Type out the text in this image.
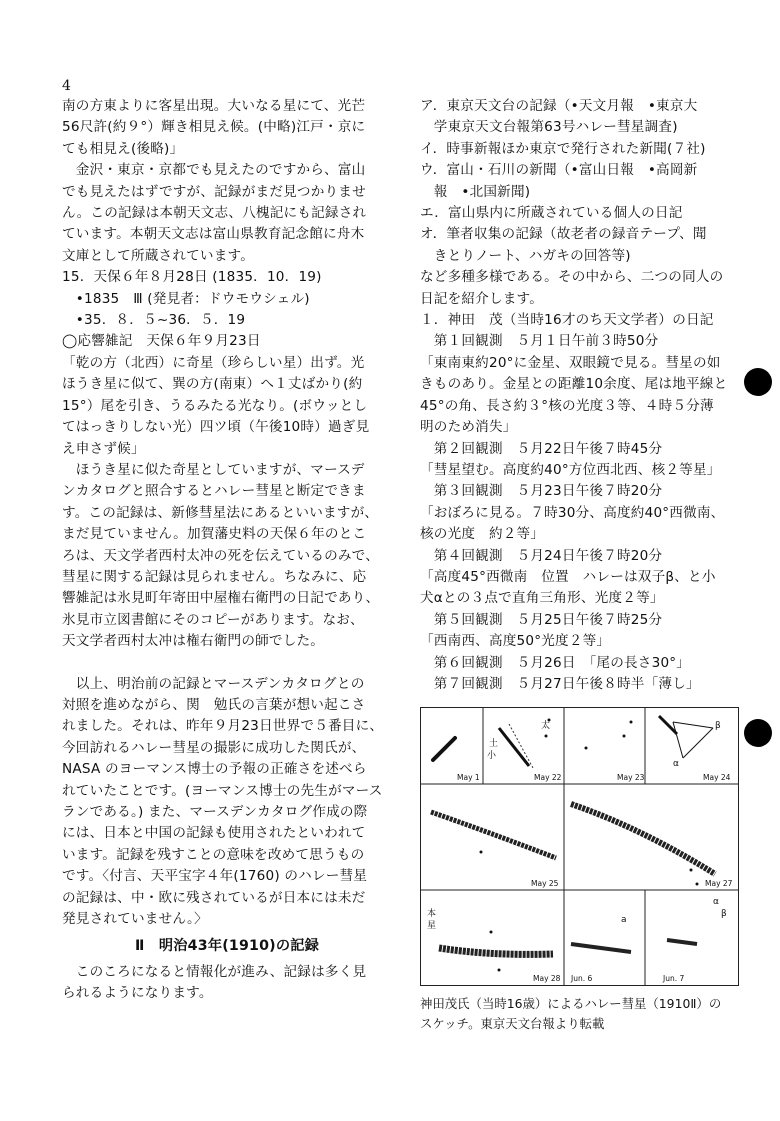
4

南の方東よりに客星出現。大いなる星にて、光芒

56尺許(約９°）輝き相見え候。(中略)江戸・京に

ても相見え(後略)」

　金沢・東京・京都でも見えたのですから、富山

でも見えたはずですが、記録がまだ見つかりませ

ん。この記録は本朝天文志、八槐記にも記録され

ています。本朝天文志は富山県教育記念館に舟木

文庫として所蔵されています。

15．天保６年８月28日 (1835．10．19)

　•1835　Ⅲ (発見者：ドウモウシェル)

　•35．８．５~36．５．19

◯応響雑記　天保６年９月23日

「乾の方（北西）に奇星（珍らしい星）出ず。光

ほうき星に似て、巽の方(南東）へ１丈ばかり(約

15°）尾を引き、うるみたる光なり。(ボウッとし

てはっきりしない光）四ツ頃（午後10時）過ぎ見

え申さず候」

　ほうき星に似た奇星としていますが、マースデ

ンカタログと照合するとハレー彗星と断定できま

す。この記録は、新修彗星法にあるといいますが、

まだ見ていません。加賀藩史料の天保６年のとこ

ろは、天文学者西村太冲の死を伝えているのみで、

彗星に関する記録は見られません。ちなみに、応

響雑記は氷見町年寄田中屋権右衛門の日記であり、

氷見市立図書館にそのコピーがあります。なお、

天文学者西村太冲は権右衛門の師でした。

　以上、明治前の記録とマースデンカタログとの

対照を進めながら、関　勉氏の言葉が想い起こさ

れました。それは、昨年９月23日世界で５番目に、

今回訪れるハレー彗星の撮影に成功した関氏が、

NASA のヨーマンス博士の予報の正確さを述べら

れていたことです。(ヨーマンス博士の先生がマース

ランである。) また、マースデンカタログ作成の際

には、日本と中国の記録も使用されたといわれて

います。記録を残すことの意味を改めて思うもの

です。〈付言、天平宝字４年(1760) のハレー彗星

の記録は、中・欧に残されているが日本には未だ

発見されていません。〉

Ⅱ　明治43年(1910)の記録

　このころになると情報化が進み、記録は多く見

られるようになります。

ア．東京天文台の記録（•天文月報　•東京大

　学東京天文台報第63号ハレー彗星調査)

イ．時事新報ほか東京で発行された新聞(７社)

ウ．富山・石川の新聞（•富山日報　•高岡新

　報　•北国新聞)

エ．富山県内に所蔵されている個人の日記

オ．筆者収集の記録（故老者の録音テープ、聞

　きとりノート、ハガキの回答等)

など多種多様である。その中から、二つの同人の

日記を紹介します。

１．神田　茂（当時16才のち天文学者）の日記

　第１回観測　５月１日午前３時50分

「東南東約20°に金星、双眼鏡で見る。彗星の如

きものあり。金星との距離10余度、尾は地平線と

45°の角、長さ約３°核の光度３等、４時５分薄

明のため消失」

　第２回観測　５月22日午後７時45分

「彗星望む。高度約40°方位西北西、核２等星」

　第３回観測　５月23日午後７時20分

「おぼろに見る。７時30分、高度約40°西微南、

核の光度　約２等」

　第４回観測　５月24日午後７時20分

「高度45°西微南　位置　ハレーは双子β、と小

犬αとの３点で直角三角形、光度２等」

　第５回観測　５月25日午後７時25分

「西南西、高度50°光度２等」

　第６回観測　５月26日　「尾の長さ30°」

　第７回観測　５月27日午後８時半「薄し」

土
小
太	β
α
本
星
a
α
β
May 1	May 22	May 23	May 24
May 25	May 27
May 28 Jun. 6	Jun. 7

神田茂氏（当時16歳）によるハレー彗星（1910Ⅱ）の

スケッチ。東京天文台報より転載
